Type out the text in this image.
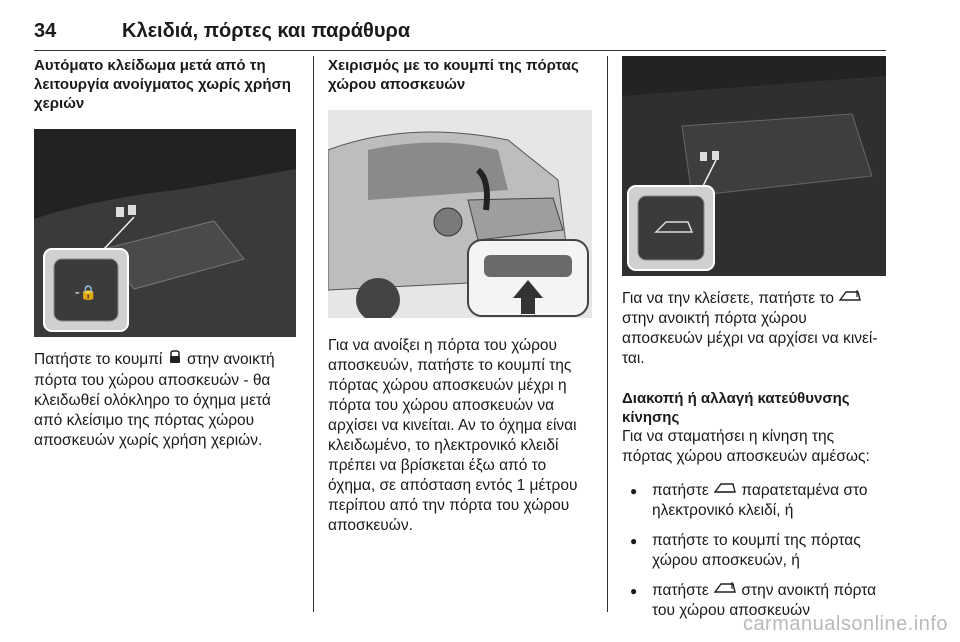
34	Κλειδιά, πόρτες και παράθυρα
Αυτόματο κλείδωμα μετά από τη λειτουργία ανοίγματος χωρίς χρήση χεριών
-🔒

Πατήστε το κουμπί στην ανοικτή πόρτα του χώρου αποσκευών - θα κλειδωθεί ολόκληρο το όχημα μετά από κλείσιμο της πόρτας χώρου αποσκευών χωρίς χρήση χεριών.

Χειρισμός με το κουμπί της πόρτας χώρου αποσκευών

Για να ανοίξει η πόρτα του χώρου αποσκευών, πατήστε το κουμπί της πόρτας χώρου αποσκευών μέχρι η πόρτα του χώρου αποσκευών να αρχίσει να κινείται. Αν το όχημα είναι κλειδωμένο, το ηλεκτρονικό κλειδί πρέπει να βρίσκεται έξω από το όχημα, σε απόσταση εντός 1 μέτρου περίπου από την πόρτα του χώρου αποσκευών.

Για να την κλείσετε, πατήστε το  στην ανοικτή πόρτα χώρου αποσκευών μέχρι να αρχίσει να κινείται.

Διακοπή ή αλλαγή κατεύθυνσης κίνησης

Για να σταματήσει η κίνηση της πόρτας χώρου αποσκευών αμέσως:

● πατήστε παρατεταμένα στο ηλεκτρονικό κλειδί, ή
● πατήστε το κουμπί της πόρτας χώρου αποσκευών, ή
● πατήστε στην ανοικτή πόρτα του χώρου αποσκευών
carmanualsonline.info
